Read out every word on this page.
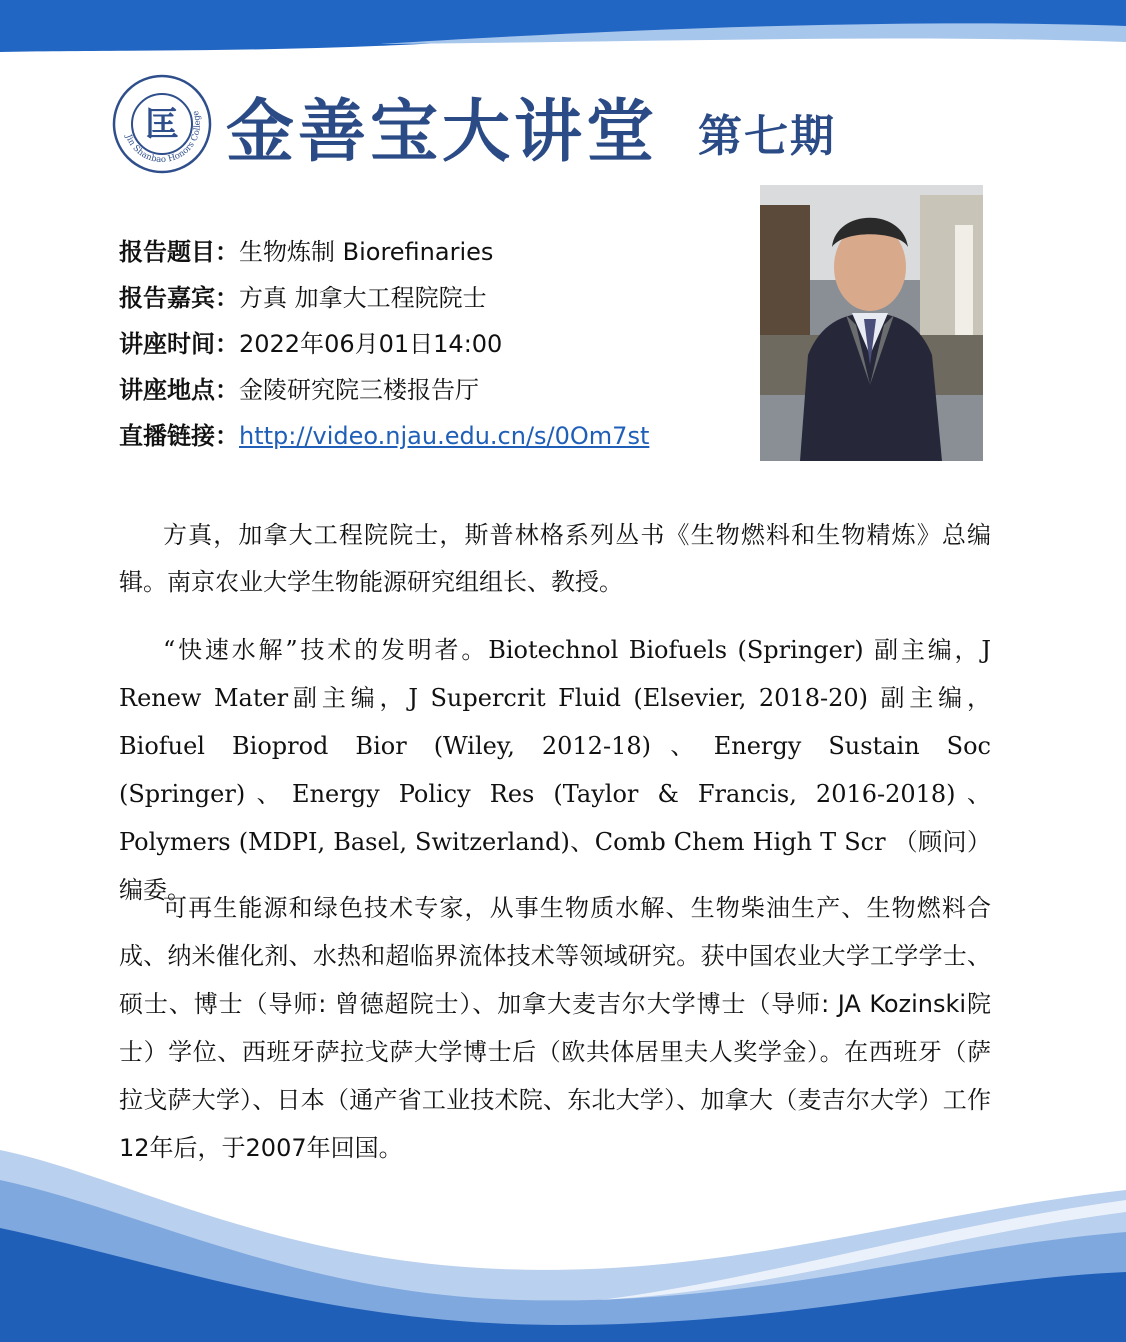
Jin Shanbao Honors College
匡 金善宝大讲堂 第七期
报告题目：生物炼制 Biorefinaries
报告嘉宾：方真 加拿大工程院院士
讲座时间：2022年06月01日14:00
讲座地点：金陵研究院三楼报告厅
直播链接：http://video.njau.edu.cn/s/0Om7st

方真，加拿大工程院院士，斯普林格系列丛书《生物燃料和生物精炼》总编辑。南京农业大学生物能源研究组组长、教授。

“快速水解”技术的发明者。Biotechnol Biofuels (Springer) 副主编，J Renew Mater副主编，J Supercrit Fluid (Elsevier, 2018-20) 副主编，Biofuel Bioprod Bior (Wiley, 2012-18)、Energy Sustain Soc (Springer)、Energy Policy Res (Taylor & Francis, 2016-2018)、Polymers (MDPI, Basel, Switzerland)、Comb Chem High T Scr （顾问）编委。

可再生能源和绿色技术专家，从事生物质水解、生物柴油生产、生物燃料合成、纳米催化剂、水热和超临界流体技术等领域研究。获中国农业大学工学学士、硕士、博士（导师: 曾德超院士）、加拿大麦吉尔大学博士（导师: JA Kozinski院士）学位、西班牙萨拉戈萨大学博士后（欧共体居里夫人奖学金）。在西班牙（萨拉戈萨大学）、日本（通产省工业技术院、东北大学）、加拿大（麦吉尔大学）工作12年后，于2007年回国。
